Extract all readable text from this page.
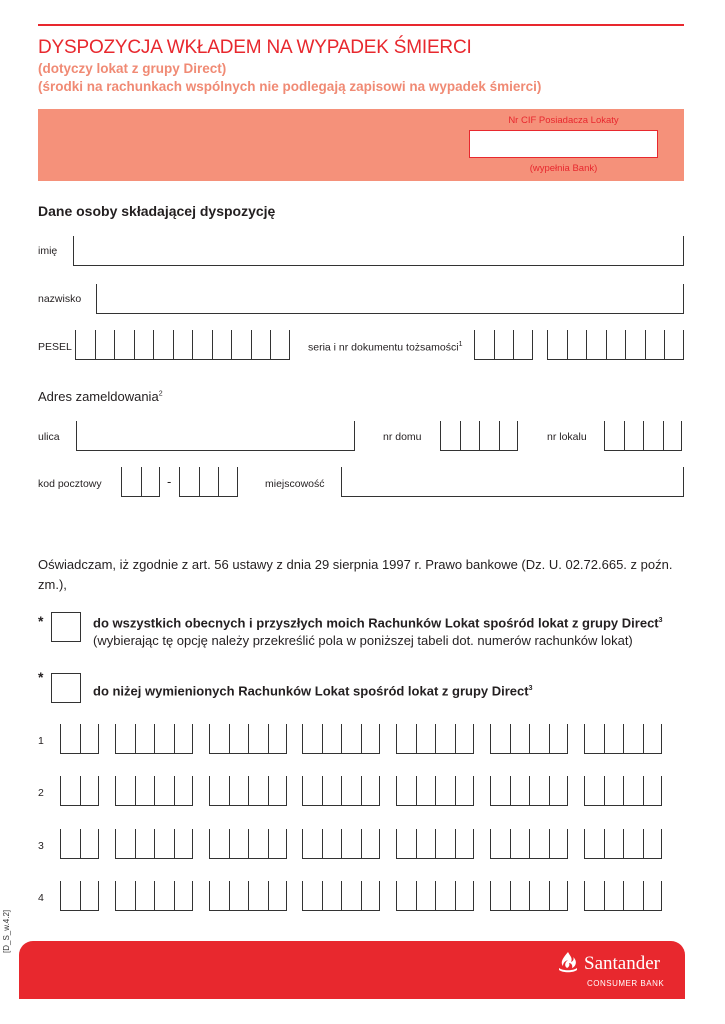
DYSPOZYCJA WKŁADEM NA WYPADEK ŚMIERCI
(dotyczy lokat z grupy Direct)
(środki na rachunkach wspólnych nie podlegają zapisowi na wypadek śmierci)
Nr CIF Posiadacza Lokaty
(wypełnia Bank)
Dane osoby składającej dyspozycję
imię
nazwisko
PESEL	seria i nr dokumentu tożsamości$^1$
Adres zameldowania$^2$
ulica	nr domu	nr lokalu
kod pocztowy	-	miejscowość
Oświadczam, iż zgodnie z art. 56 ustawy z dnia 29 sierpnia 1997 r. Prawo bankowe (Dz. U. 02.72.665. z poźn. zm.),
*	do wszystkich obecnych i przyszłych moich Rachunków Lokat spośród lokat z grupy Direct$^3$
(wybierając tę opcję należy przekreślić pola w poniższej tabeli dot. numerów rachunków lokat)
*
do niżej wymienionych Rachunków Lokat spośród lokat z grupy Direct$^3$
1
2
3
4
[D_S_w.4.2]
Santander
CONSUMER BANK
